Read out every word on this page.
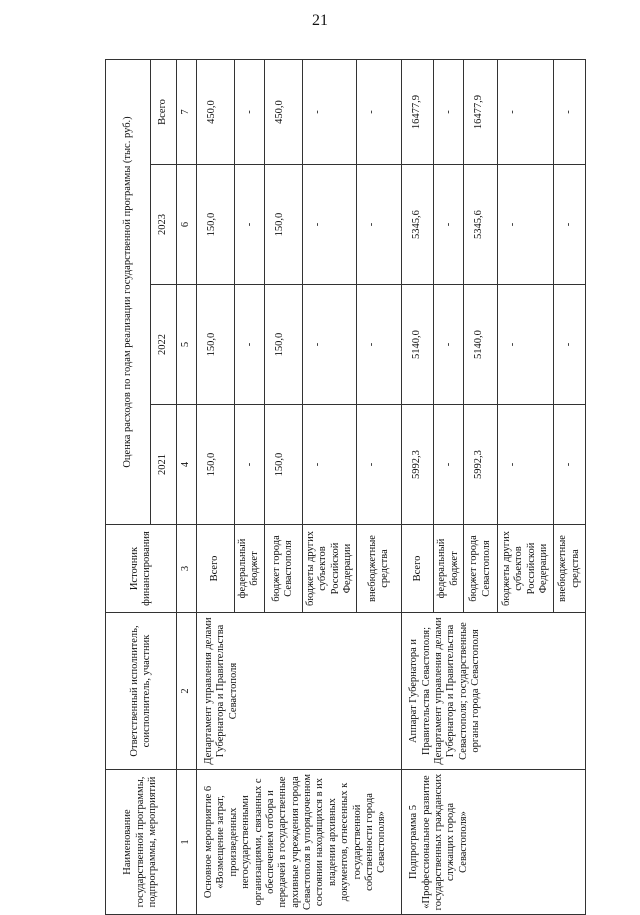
21
Наименование государственной программы, подпрограммы, мероприятий	Ответственный исполнитель, соисполнитель, участник	Источник финансирования	Оценка расходов по годам реализации государственной программы (тыс. руб.)			
			2021	2022	2023	Всего
1	2	3	4	5	6	7
Основное мероприятие 6 «Возмещение затрат, произведенных негосударственными организациями, связанных с обеспечением отбора и передачей в государственные архивные учреждения города Севастополя в упорядоченном состоянии находящихся в их владении архивных документов, отнесенных к государственной собственности города Севастополя»	Департамент управления делами Губернатора и Правительства Севастополя	Всего	150,0	150,0	150,0	450,0
		федеральный бюджет	-	-	-	-
		бюджет города Севастополя	150,0	150,0	150,0	450,0
		бюджеты других субъектов Российской Федерации	-	-	-	-
		внебюджетные средства	-	-	-	-
Подпрограмма 5 «Профессиональное развитие государственных гражданских служащих города Севастополя»	Аппарат Губернатора и Правительства Севастополя; Департамент управления делами Губернатора и Правительства Севастополя; государственные органы города Севастополя	Всего	5992,3	5140,0	5345,6	16477,9
		федеральный бюджет	-	-	-	-
		бюджет города Севастополя	5992,3	5140,0	5345,6	16477,9
		бюджеты других субъектов Российской Федерации	-	-	-	-
		внебюджетные средства	-	-	-	-
